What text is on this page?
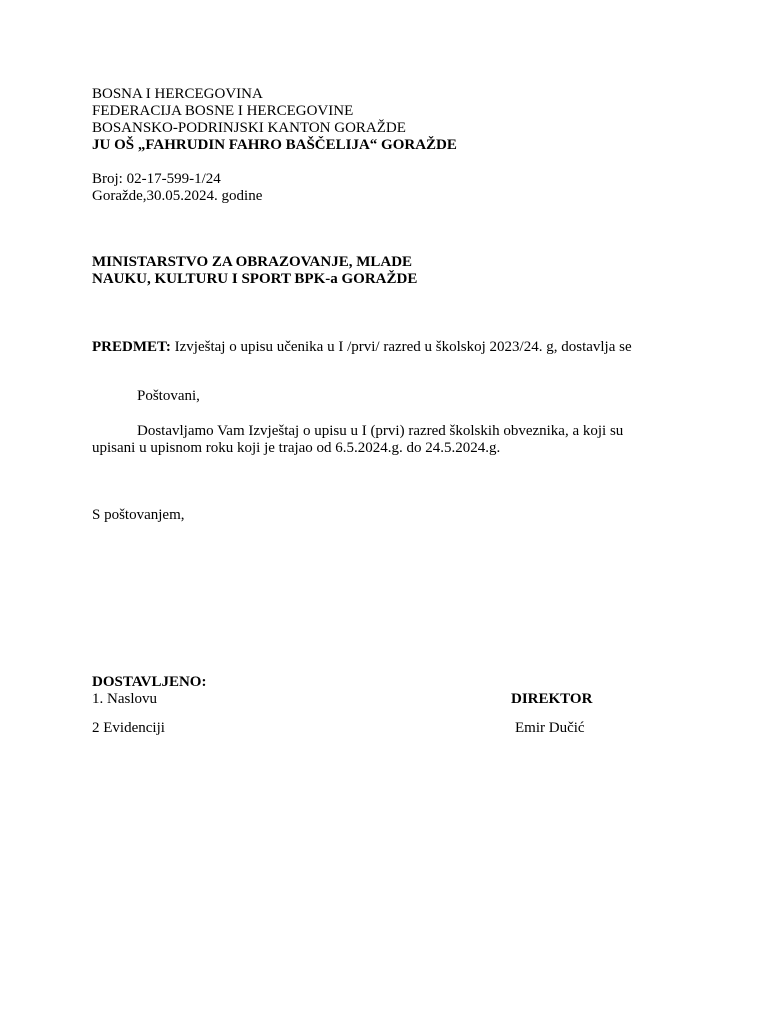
BOSNA I HERCEGOVINA
FEDERACIJA BOSNE I HERCEGOVINE
BOSANSKO-PODRINJSKI KANTON GORAŽDE
JU OŠ „FAHRUDIN FAHRO BAŠČELIJA“ GORAŽDE
Broj: 02-17-599-1/24
Goražde,30.05.2024. godine
MINISTARSTVO ZA OBRAZOVANJE, MLADE
NAUKU, KULTURU I SPORT BPK-a GORAŽDE
PREDMET: Izvještaj o upisu učenika u I /prvi/ razred u školskoj 2023/24. g, dostavlja se
Poštovani,
Dostavljamo Vam Izvještaj o upisu u I (prvi) razred školskih obveznika, a koji su
upisani u upisnom roku koji je trajao od 6.5.2024.g. do 24.5.2024.g.
S poštovanjem,
DOSTAVLJENO:
1. Naslovu
2 Evidenciji
DIREKTOR
Emir Dučić
